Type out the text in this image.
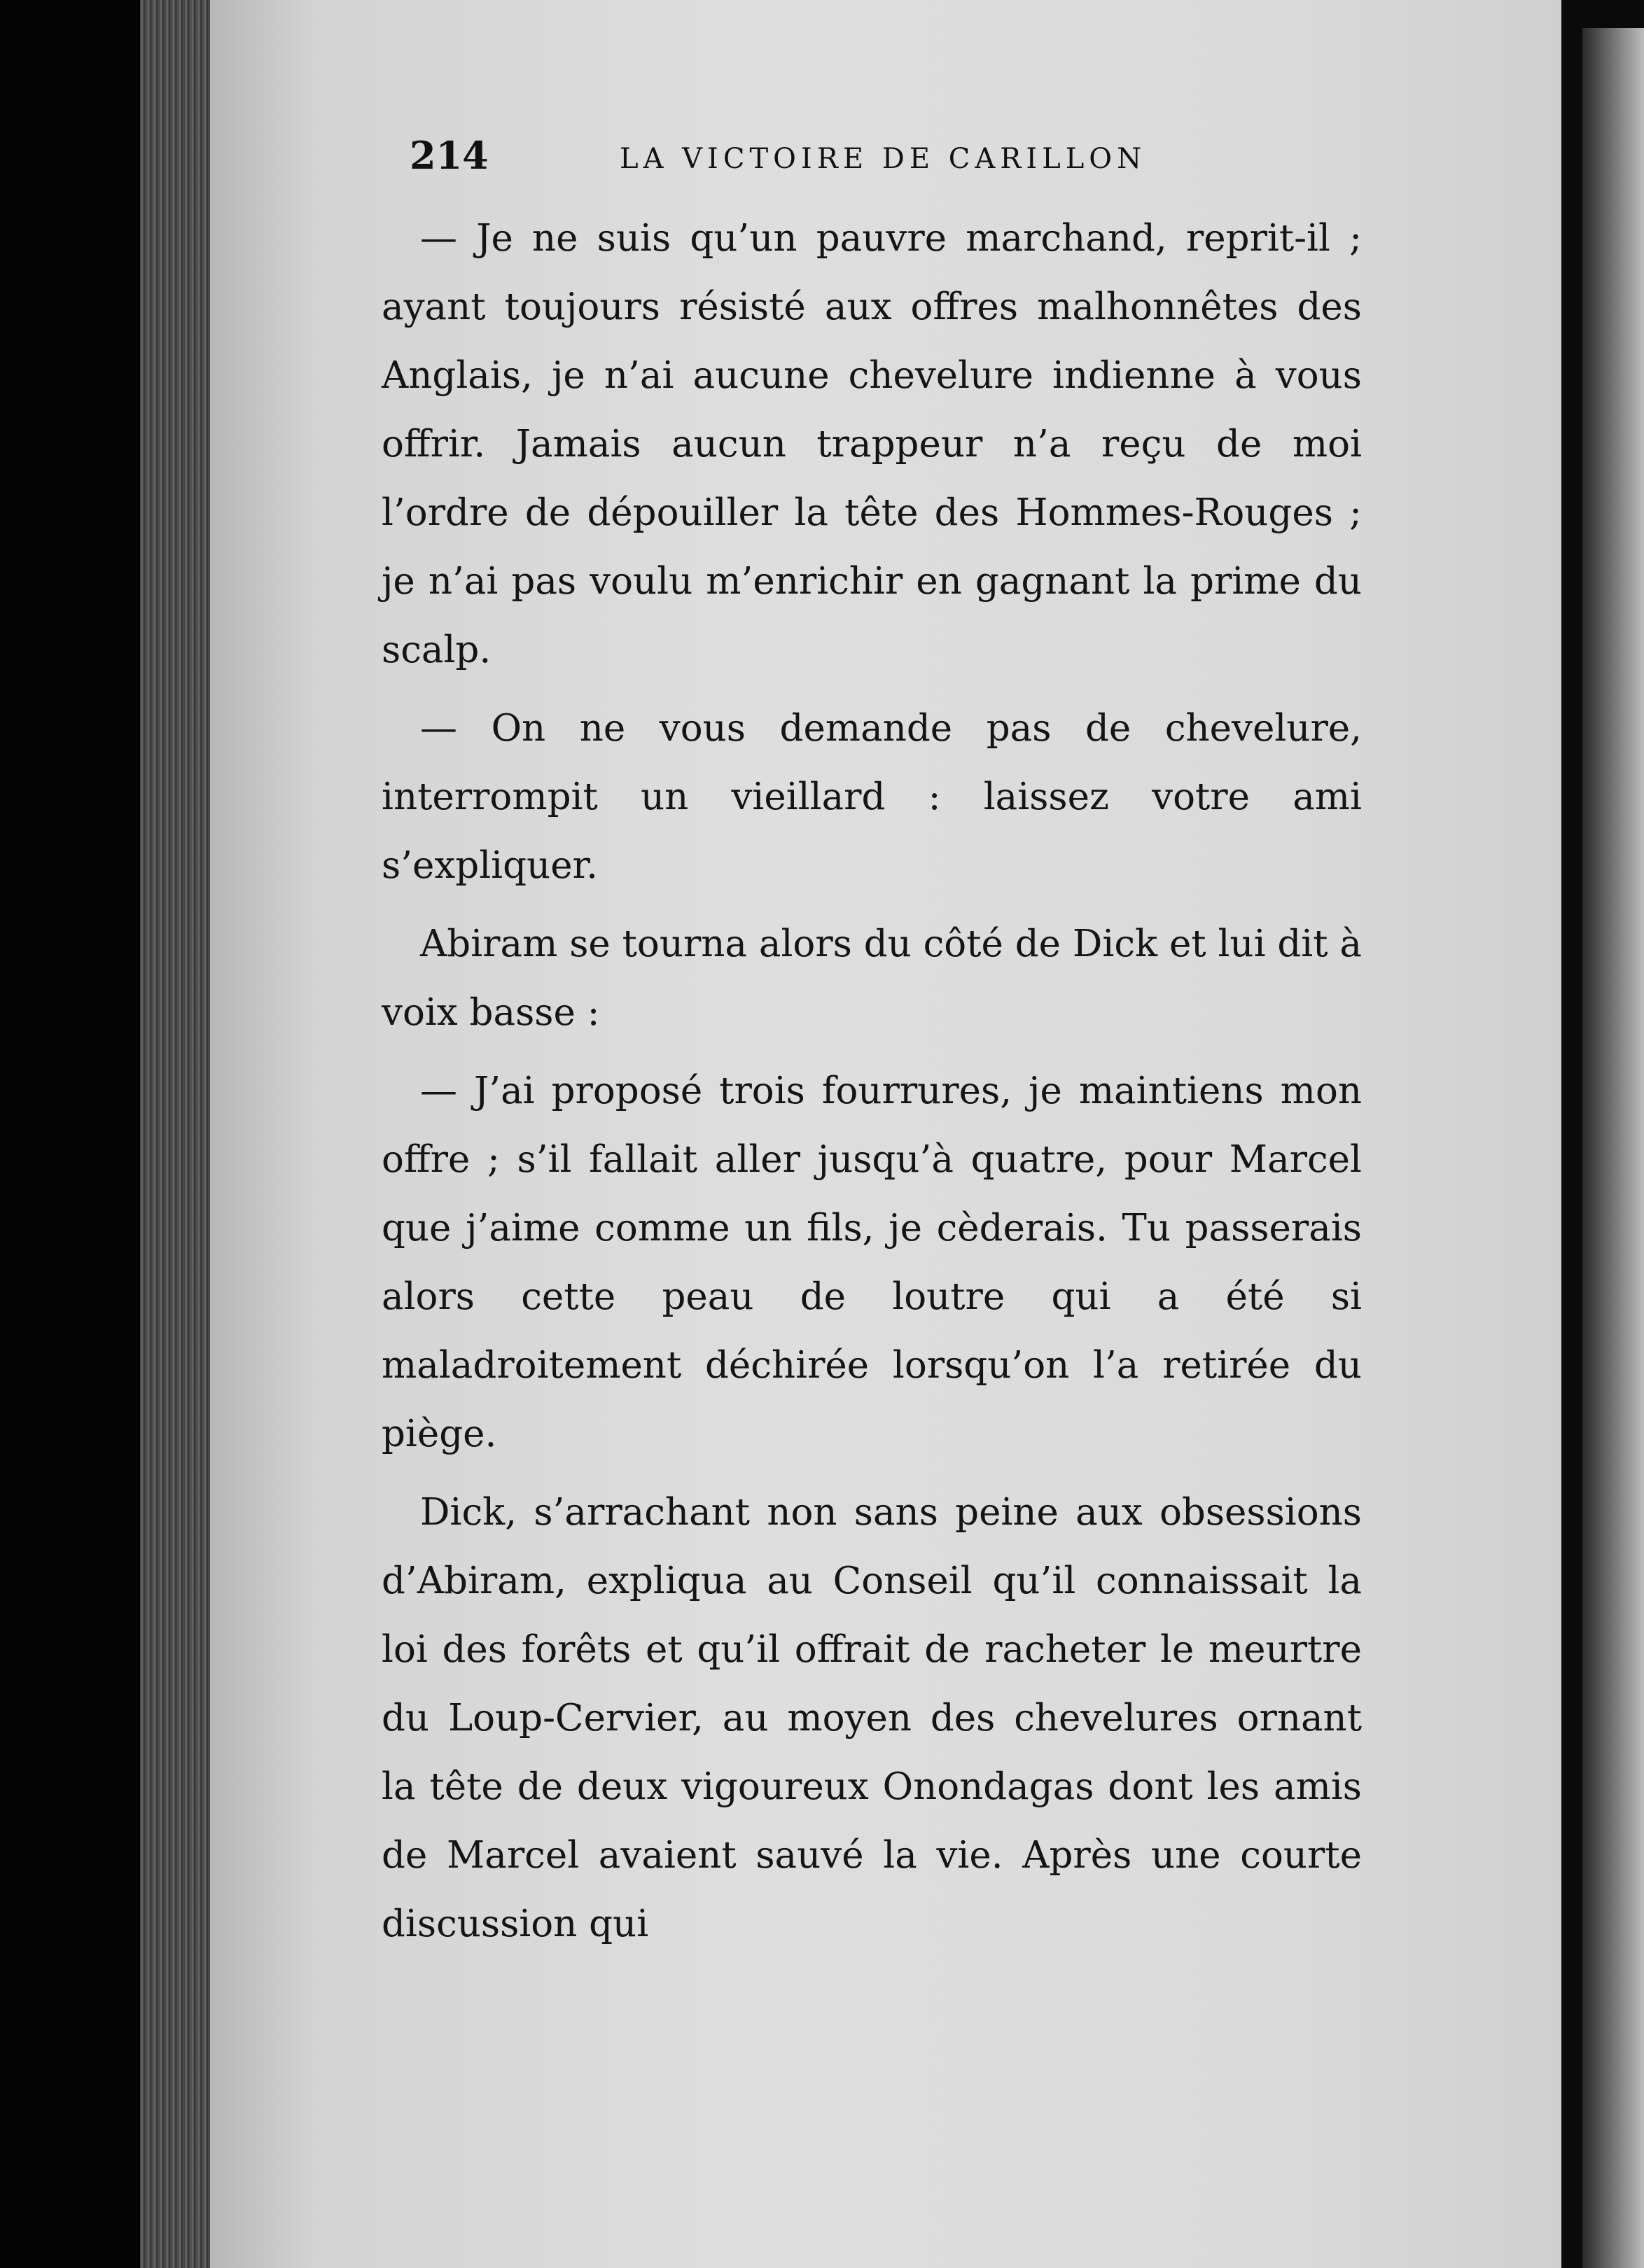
214	LA VICTOIRE DE CARILLON

— Je ne suis qu’un pauvre marchand, reprit-il ; ayant toujours résisté aux offres malhonnêtes des Anglais, je n’ai aucune chevelure indienne à vous offrir. Jamais aucun trappeur n’a reçu de moi l’ordre de dépouiller la tête des Hommes-Rouges ; je n’ai pas voulu m’enrichir en gagnant la prime du scalp.

— On ne vous demande pas de chevelure, interrompit un vieillard : laissez votre ami s’expliquer.

Abiram se tourna alors du côté de Dick et lui dit à voix basse :

— J’ai proposé trois fourrures, je maintiens mon offre ; s’il fallait aller jusqu’à quatre, pour Marcel que j’aime comme un fils, je cèderais. Tu passerais alors cette peau de loutre qui a été si maladroitement déchirée lorsqu’on l’a retirée du piège.

Dick, s’arrachant non sans peine aux obsessions d’Abiram, expliqua au Conseil qu’il connaissait la loi des forêts et qu’il offrait de racheter le meurtre du Loup-Cervier, au moyen des chevelures ornant la tête de deux vigoureux Onondagas dont les amis de Marcel avaient sauvé la vie. Après une courte discussion qui
